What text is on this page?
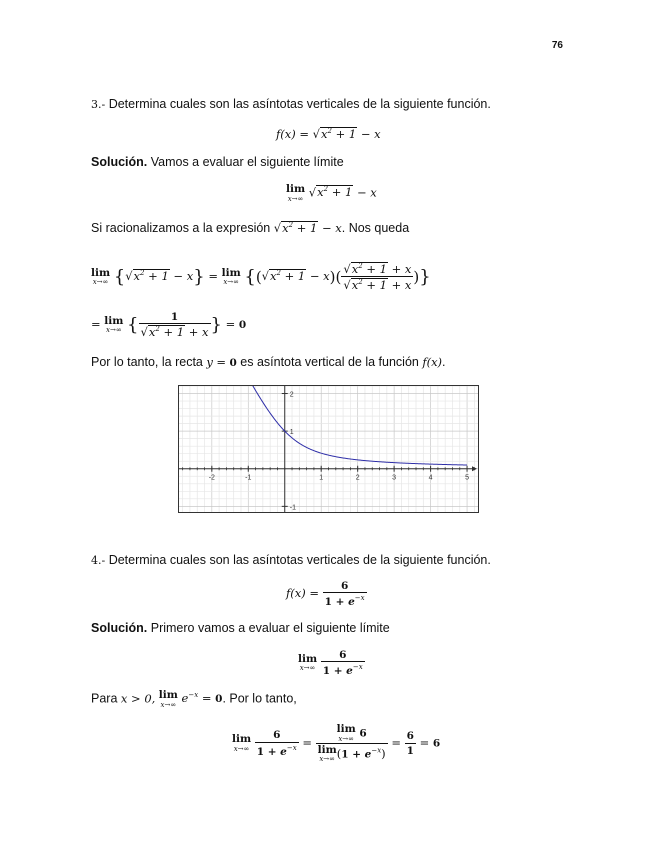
76
3.- Determina cuales son las asíntotas verticales de la siguiente función.
$f(x) = √x^2 + 1 - x$
Solución. Vamos a evaluar el siguiente límite
lim
x→∞ $√x^2 + 1 - x$
Si racionalizamos a la expresión $√x^2 + 1 - x$. Nos queda
lim
x→∞ $\{√x^2 + 1 - x\} = \lim$
x→∞ {$(√x^2 + 1 - x)( \frac{√x^2 + 1 + x}{√x^2 + 1 + x}$ )}
= lim
x→∞ { $\frac{1}{√x^2 + 1 + x}$ } = 0
Por lo tanto, la recta y = 0 es asíntota vertical de la función f(x).
-2	-1	1	2	3	4	5
2
1
-1
4.- Determina cuales son las asíntotas verticales de la siguiente función.
$f(x) = \frac{6}{1 + e^{-x}}$
Solución. Primero vamos a evaluar el siguiente límite
lim
x→∞
$\frac{6}{1 + e^{-x}}$
Para x > 0, lim
x→∞ $e^{-x} = 0$. Por lo tanto,
lim
x→∞
$\frac{6}{1 + e^{-x}} = \lim$
x→∞ 6
lim
x→∞ $(1 + e^{-x}) = \frac{6}{1} = 6$
